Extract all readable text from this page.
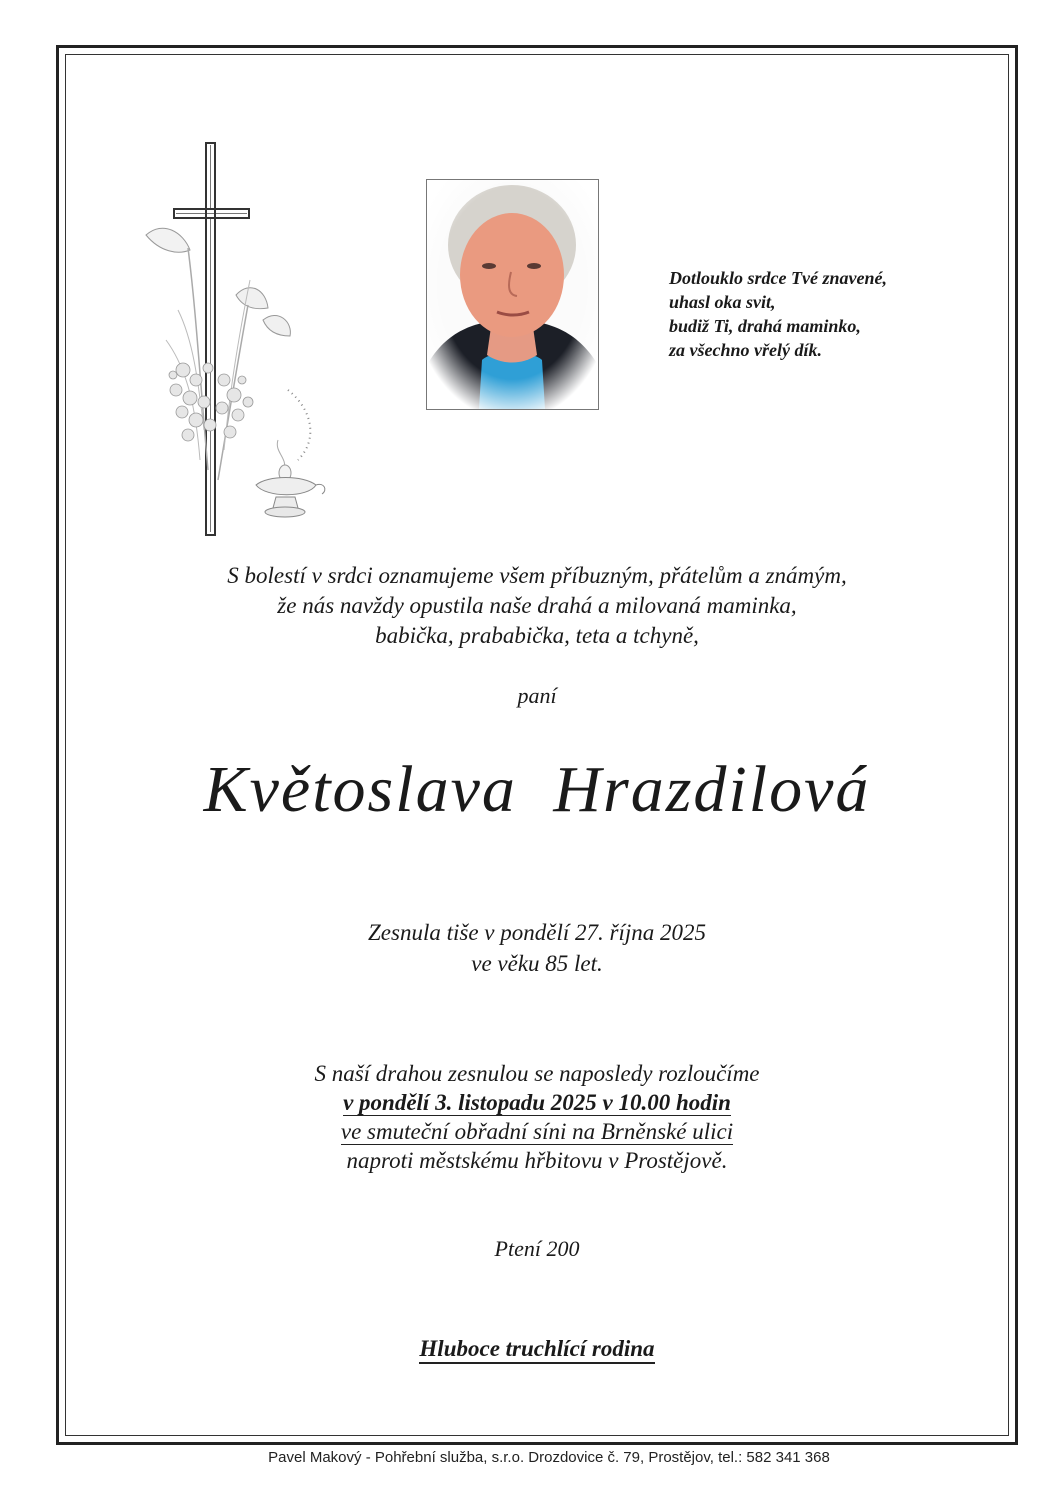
Dotlouklo srdce Tvé znavené,
uhasl oka svit,
budiž Ti, drahá maminko,
za všechno vřelý dík.
S bolestí v srdci oznamujeme všem příbuzným, přátelům a známým,
že nás navždy opustila naše drahá a milovaná maminka,
babička, prababička, teta a tchyně,
paní
Květoslava Hrazdilová
Zesnula tiše v pondělí 27. října 2025
ve věku 85 let.
S naší drahou zesnulou se naposledy rozloučíme
v pondělí 3. listopadu 2025 v 10.00 hodin
ve smuteční obřadní síni na Brněnské ulici
naproti městskému hřbitovu v Prostějově.
Ptení 200
Hluboce truchlící rodina
Pavel Makový - Pohřební služba, s.r.o. Drozdovice č. 79, Prostějov, tel.: 582 341 368
